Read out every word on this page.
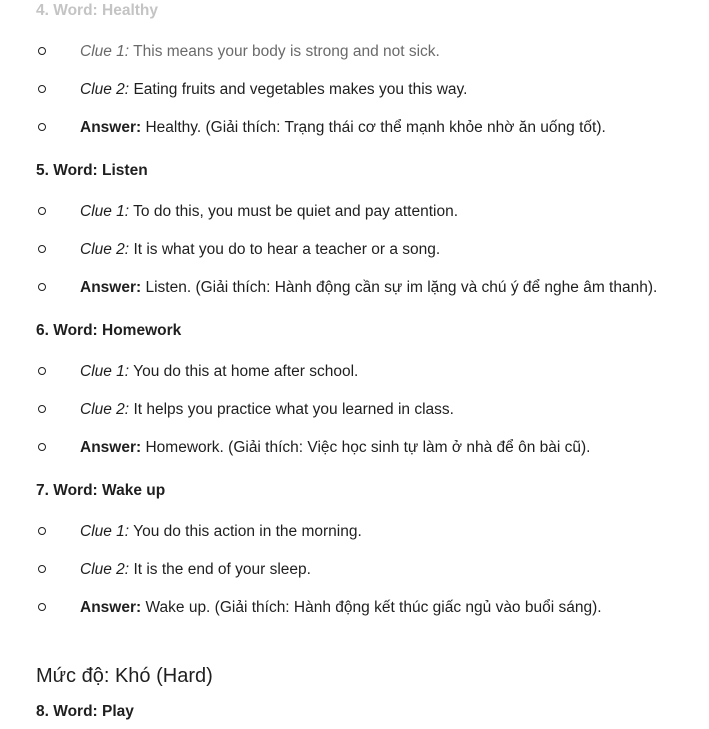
4. Word: Healthy
Clue 1: This means your body is strong and not sick.
Clue 2: Eating fruits and vegetables makes you this way.
Answer: Healthy. (Giải thích: Trạng thái cơ thể mạnh khỏe nhờ ăn uống tốt).
5. Word: Listen
Clue 1: To do this, you must be quiet and pay attention.
Clue 2: It is what you do to hear a teacher or a song.
Answer: Listen. (Giải thích: Hành động cần sự im lặng và chú ý để nghe âm thanh).
6. Word: Homework
Clue 1: You do this at home after school.
Clue 2: It helps you practice what you learned in class.
Answer: Homework. (Giải thích: Việc học sinh tự làm ở nhà để ôn bài cũ).
7. Word: Wake up
Clue 1: You do this action in the morning.
Clue 2: It is the end of your sleep.
Answer: Wake up. (Giải thích: Hành động kết thúc giấc ngủ vào buổi sáng).
Mức độ: Khó (Hard)
8. Word: Play
